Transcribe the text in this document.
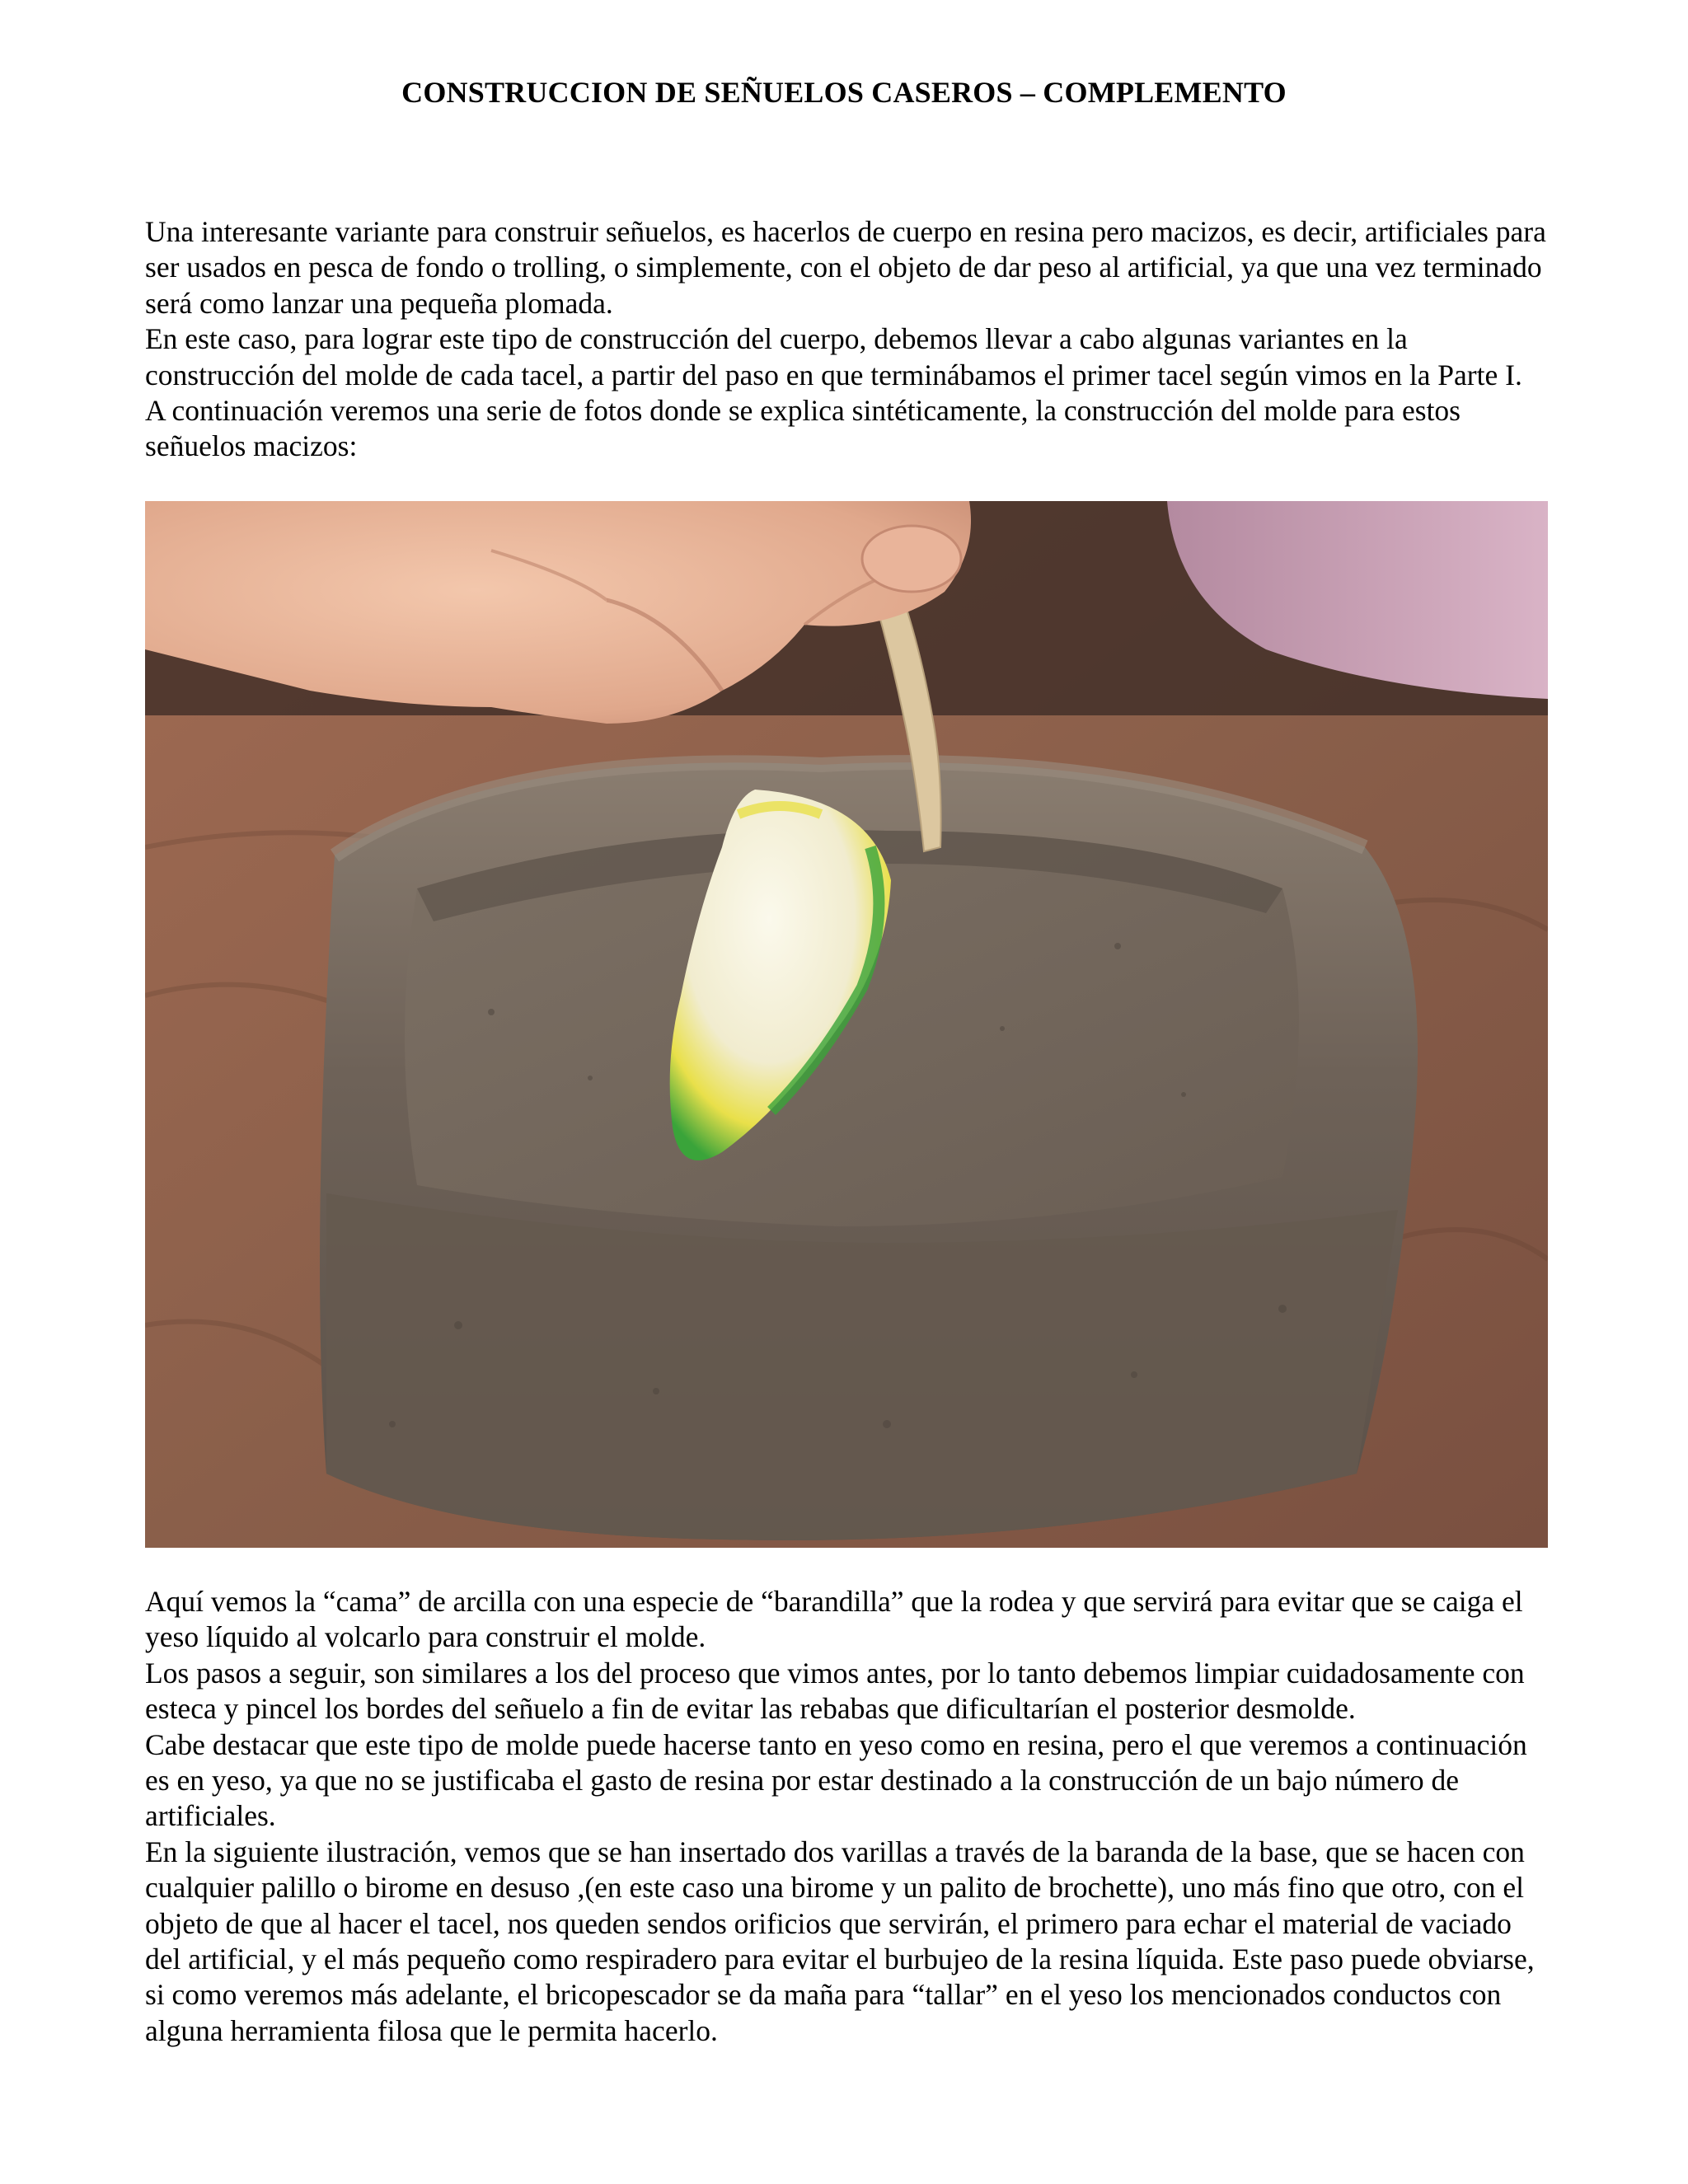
CONSTRUCCION DE SEÑUELOS CASEROS – COMPLEMENTO

Una interesante variante para construir señuelos, es hacerlos de cuerpo en resina pero macizos, es decir, artificiales para ser usados en pesca de fondo o trolling, o simplemente, con el objeto de dar peso al artificial, ya que una vez terminado será como lanzar una pequeña plomada.

En este caso, para lograr este tipo de construcción del cuerpo, debemos llevar a cabo algunas variantes en la construcción del molde de cada tacel, a partir del paso en que terminábamos el primer tacel según vimos en la Parte I.

A continuación veremos una serie de fotos donde se explica sintéticamente, la construcción del molde para estos señuelos macizos:

Aquí vemos la “cama” de arcilla con una especie de “barandilla” que la rodea y que servirá para evitar que se caiga el yeso líquido al volcarlo para construir el molde.

Los pasos a seguir, son similares a los del proceso que vimos antes, por lo tanto debemos limpiar cuidadosamente con esteca y pincel los bordes del señuelo a fin de evitar las rebabas que dificultarían el posterior desmolde.

Cabe destacar que este tipo de molde puede hacerse tanto en yeso como en resina, pero el que veremos a continuación es en yeso, ya que no se justificaba el gasto de resina por estar destinado a la construcción de un bajo número de artificiales.

En la siguiente ilustración, vemos que se han insertado dos varillas a través de la baranda de la base, que se hacen con cualquier palillo o birome en desuso ,(en este caso una birome y un palito de brochette), uno más fino que otro, con el objeto de que al hacer el tacel, nos queden sendos orificios que servirán, el primero para echar el material de vaciado del artificial, y el más pequeño como respiradero para evitar el burbujeo de la resina líquida. Este paso puede obviarse, si como veremos más adelante, el bricopescador se da maña para “tallar” en el yeso los mencionados conductos con alguna herramienta filosa que le permita hacerlo.
